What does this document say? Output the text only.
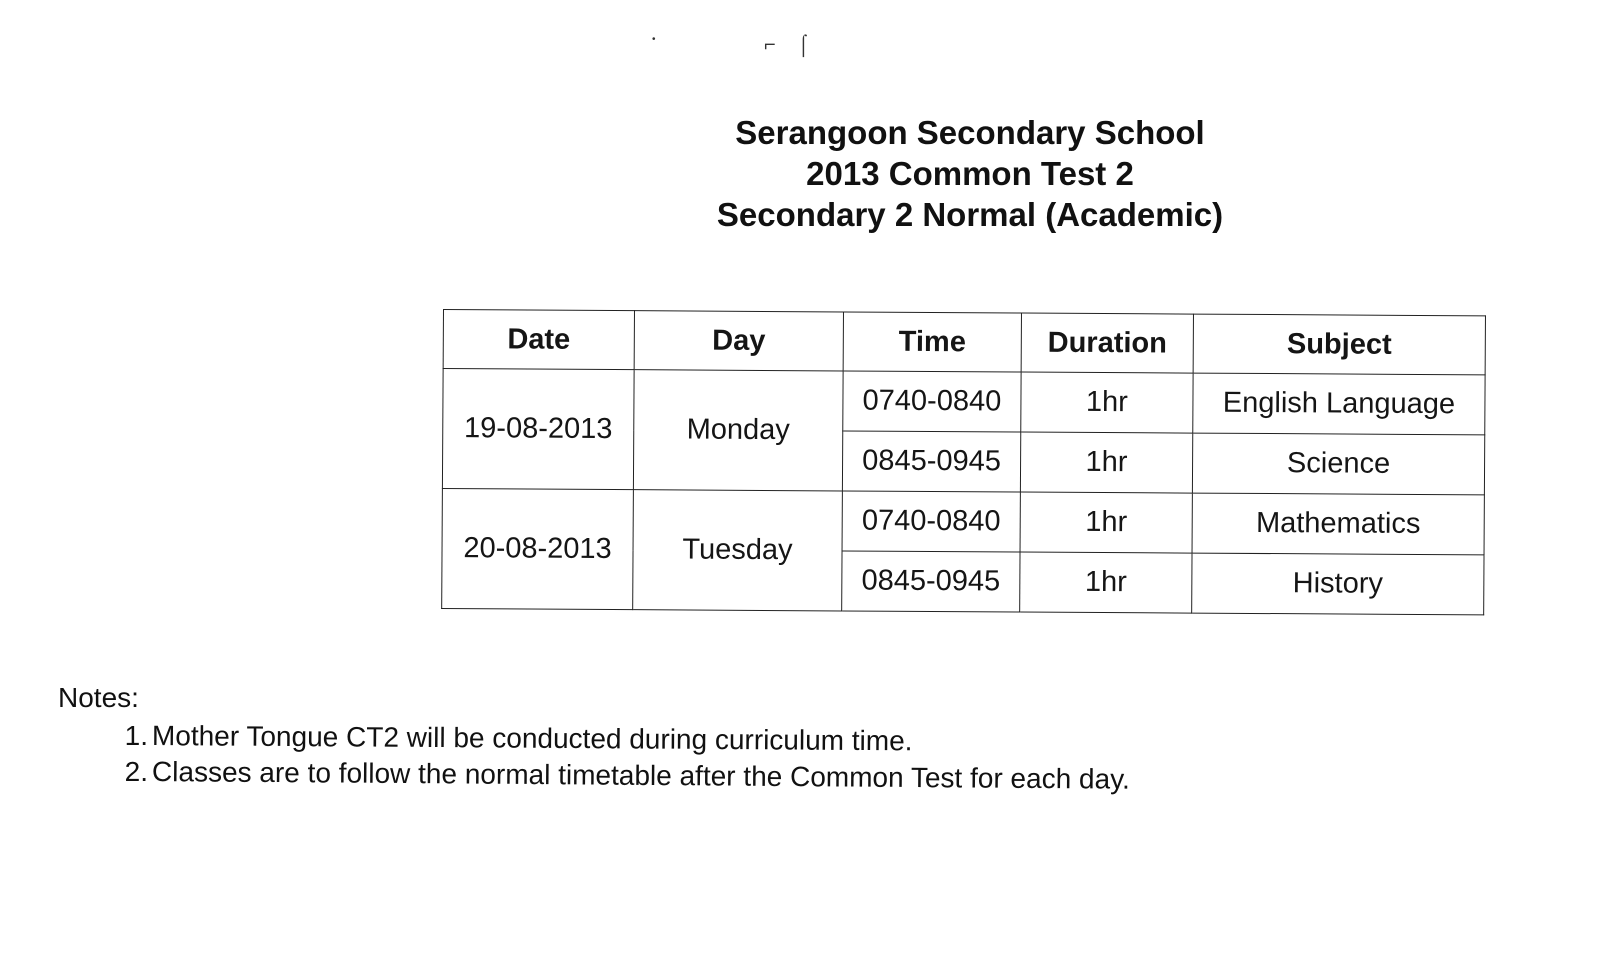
•	⌐ ⌠
Serangoon Secondary School
2013 Common Test 2
Secondary 2 Normal (Academic)
Date	Day	Time	Duration	Subject
19-08-2013	Monday	0740-0840	1hr	English Language
		0845-0945	1hr	Science
20-08-2013	Tuesday	0740-0840	1hr	Mathematics
		0845-0945	1hr	History
Notes:
1. Mother Tongue CT2 will be conducted during curriculum time.
2. Classes are to follow the normal timetable after the Common Test for each day.
